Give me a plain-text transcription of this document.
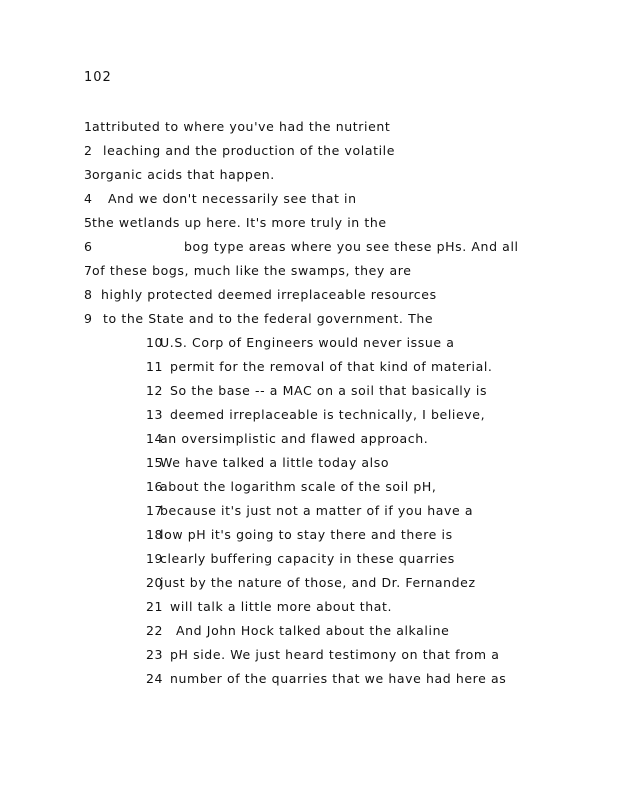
102
1 attributed to where you've had the nutrient
2 leaching and the production of the volatile
3 organic acids that happen.
4 And we don't necessarily see that in
5 the wetlands up here. It's more truly in the
6	bog type areas where you see these pHs. And all
7 of these bogs, much like the swamps, they are
8 highly protected deemed irreplaceable resources
9 to the State and to the federal government. The
10
U.S. Corp of Engineers would never issue a
11 permit for the removal of that kind of material.
12 So the base -- a MAC on a soil that basically is
13 deemed irreplaceable is technically, I believe,
14
an oversimplistic and flawed approach.
15
We have talked a little today also
16
about the logarithm scale of the soil pH,
17
because it's just not a matter of if you have a
18
low pH it's going to stay there and there is
19
clearly buffering capacity in these quarries
20
just by the nature of those, and Dr. Fernandez
21 will talk a little more about that.
22 And John Hock talked about the alkaline
23 pH side. We just heard testimony on that from a
24 number of the quarries that we have had here as
